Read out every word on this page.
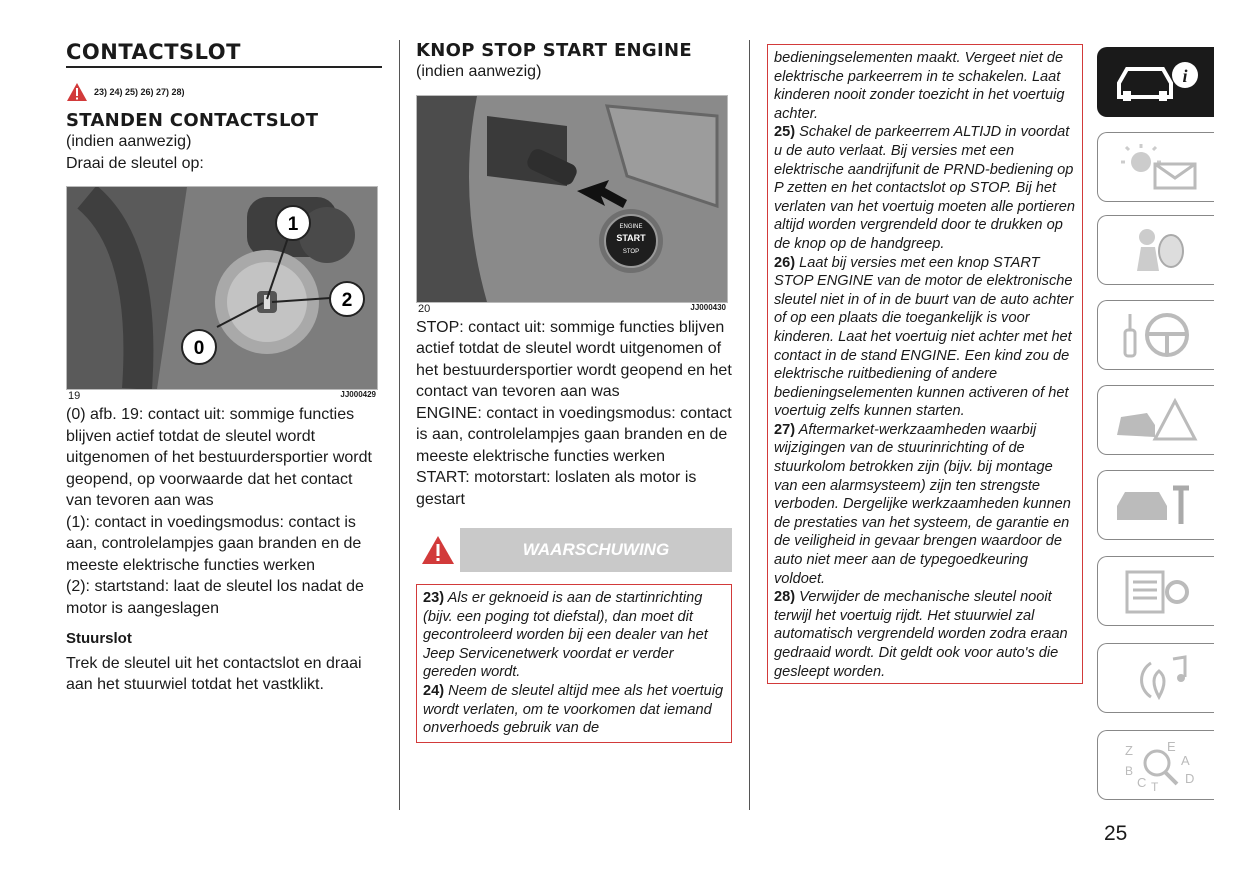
CONTACTSLOT
23) 24) 25) 26) 27) 28)
STANDEN CONTACTSLOT

(indien aanwezig)

Draai de sleutel op:

1
2
0
19	JJ000429

(0) afb. 19: contact uit: sommige functies blijven actief totdat de sleutel wordt uitgenomen of het bestuurdersportier wordt geopend, op voorwaarde dat het contact van tevoren aan was

(1): contact in voedingsmodus: contact is aan, controlelampjes gaan branden en de meeste elektrische functies werken

(2): startstand: laat de sleutel los nadat de motor is aangeslagen

Stuurslot

Trek de sleutel uit het contactslot en draai aan het stuurwiel totdat het vastklikt.

KNOP STOP START ENGINE

(indien aanwezig)

ENGINE
START
STOP
20	JJ000430

STOP: contact uit: sommige functies blijven actief totdat de sleutel wordt uitgenomen of het bestuurdersportier wordt geopend en het contact van tevoren aan was

ENGINE: contact in voedingsmodus: contact is aan, controlelampjes gaan branden en de meeste elektrische functies werken

START: motorstart: loslaten als motor is gestart

WAARSCHUWING

23) Als er geknoeid is aan de startinrichting (bijv. een poging tot diefstal), dan moet dit gecontroleerd worden bij een dealer van het Jeep Servicenetwerk voordat er verder gereden wordt.

24) Neem de sleutel altijd mee als het voertuig wordt verlaten, om te voorkomen dat iemand onverhoeds gebruik van de

bedieningselementen maakt. Vergeet niet de elektrische parkeerrem in te schakelen. Laat kinderen nooit zonder toezicht in het voertuig achter.

25) Schakel de parkeerrem ALTIJD in voordat u de auto verlaat. Bij versies met een elektrische aandrijfunit de PRND-bediening op P zetten en het contactslot op STOP. Bij het verlaten van het voertuig moeten alle portieren altijd worden vergrendeld door te drukken op de knop op de handgreep.

26) Laat bij versies met een knop START STOP ENGINE van de motor de elektronische sleutel niet in of in de buurt van de auto achter of op een plaats die toegankelijk is voor kinderen. Laat het voertuig niet achter met het contact in de stand ENGINE. Een kind zou de elektrische ruitbediening of andere bedieningselementen kunnen activeren of het voertuig zelfs kunnen starten.

27) Aftermarket-werkzaamheden waarbij wijzigingen van de stuurinrichting of de stuurkolom betrokken zijn (bijv. bij montage van een alarmsysteem) zijn ten strengste verboden. Dergelijke werkzaamheden kunnen de prestaties van het systeem, de garantie en de veiligheid in gevaar brengen waardoor de auto niet meer aan de typegoedkeuring voldoet.

28) Verwijder de mechanische sleutel nooit terwijl het voertuig rijdt. Het stuurwiel zal automatisch vergrendeld worden zodra eraan gedraaid wordt. Dit geldt ook voor auto's die gesleept worden.

i
Z	E
A
B
C T
D
25
